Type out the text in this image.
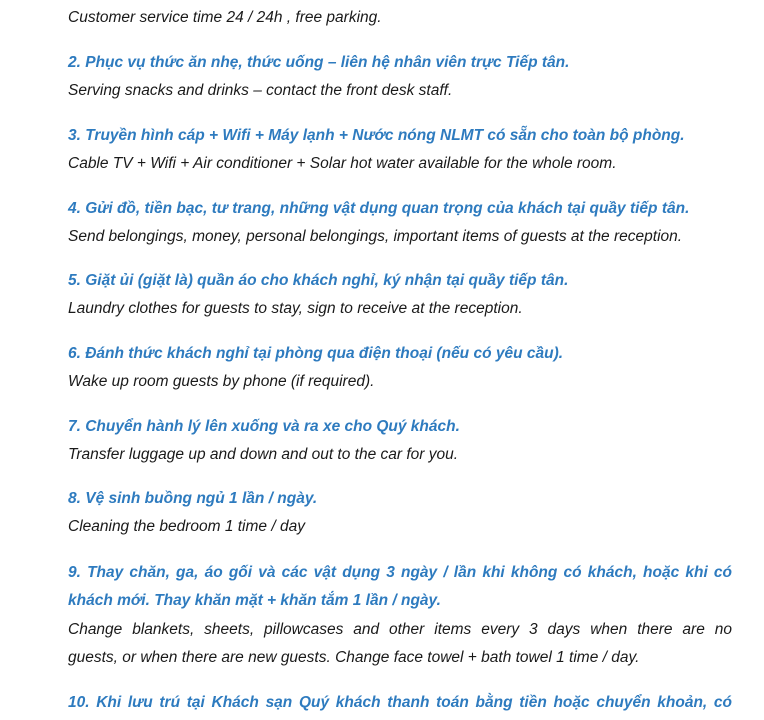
Customer service time 24 / 24h , free parking.
2. Phục vụ thức ăn nhẹ, thức uống – liên hệ nhân viên trực Tiếp tân.
Serving snacks and drinks – contact the front desk staff.
3. Truyền hình cáp + Wifi + Máy lạnh + Nước nóng NLMT có sẵn cho toàn bộ phòng.
Cable TV + Wifi + Air conditioner + Solar hot water available for the whole room.
4. Gửi đồ, tiền bạc, tư trang, những vật dụng quan trọng của khách tại quầy tiếp tân.
Send belongings, money, personal belongings, important items of guests at the reception.
5. Giặt ủi (giặt là) quần áo cho khách nghỉ, ký nhận tại quầy tiếp tân.
Laundry clothes for guests to stay, sign to receive at the reception.
6. Đánh thức khách nghỉ tại phòng qua điện thoại (nếu có yêu cầu).
Wake up room guests by phone (if required).
7. Chuyển hành lý lên xuống và ra xe cho Quý khách.
Transfer luggage up and down and out to the car for you.
8. Vệ sinh buồng ngủ 1 lần / ngày.
Cleaning the bedroom 1 time / day
9. Thay chăn, ga, áo gối và các vật dụng 3 ngày / lần khi không có khách, hoặc khi có
khách mới. Thay khăn mặt + khăn tắm 1 lần / ngày.
Change blankets, sheets, pillowcases and other items every 3 days when there are no
guests, or when there are new guests. Change face towel + bath towel 1 time / day.
10. Khi lưu trú tại Khách sạn Quý khách thanh toán bằng tiền hoặc chuyển khoản, có
